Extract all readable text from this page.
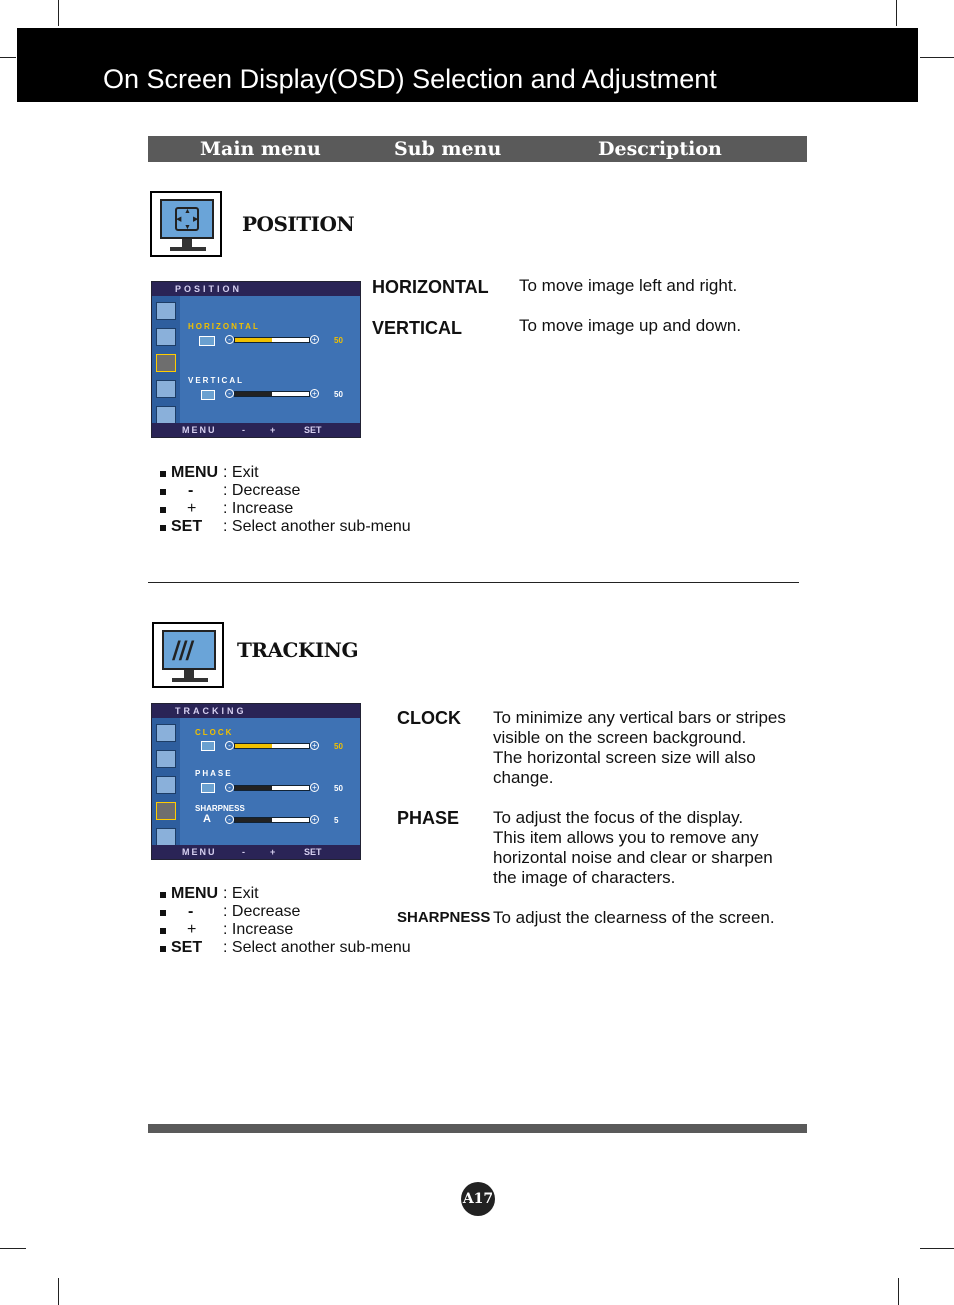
On Screen Display(OSD) Selection and Adjustment
Main menu	Sub menu	Description
▲
▼
◀ ▶ POSITION
POSITION
HORIZONTAL
-	+ 50
VERTICAL
-	+ 50
MENU	-	+	SET
HORIZONTAL To move image left and right.
VERTICAL	To move image up and down.
MENU : Exit
- : Decrease
+ : Increase
SET : Select another sub-menu
/// TRACKING
TRACKING
CLOCK
-	+ 50
PHASE
-	+ 50
SHARPNESS
A	-	+ 5
MENU	-	+	SET
CLOCK To minimize any vertical bars or stripes
visible on the screen background.
The horizontal screen size will also
change.
PHASE To adjust the focus of the display.
This item allows you to remove any
horizontal noise and clear or sharpen
the image of characters.
SHARPNESS To adjust the clearness of the screen.
MENU : Exit
- : Decrease
+ : Increase
SET : Select another sub-menu
A17
